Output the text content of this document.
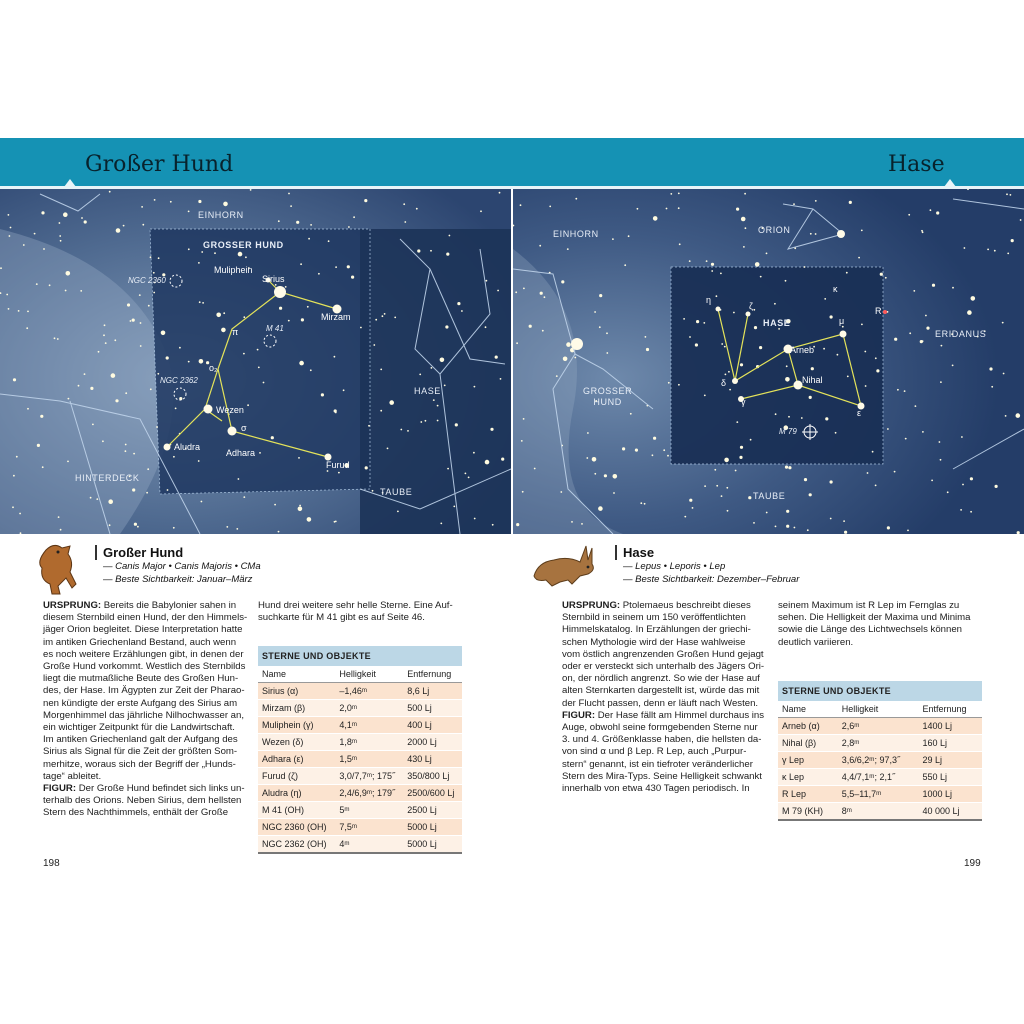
Großer Hund	Hase
EINHORN
GROSSER HUND
HASE
HINTERDECK
TAUBE
Sirius
Muliphein
Mirzam
Wezen
Aludra
Adhara
Furud
π
ο₂
σ
NGC 2360
M 41
NGC 2362
EINHORN	ORION
HASE
ERIDANUS
GROSSER
HUND
TAUBE
Arneb
Nihal
η
ζ
μ
κ
δ
γ
ε
R
M 79
Großer Hund
— Canis Major • Canis Majoris • CMa
— Beste Sichtbarkeit: Januar–März
URSPRUNG: Bereits die Babylonier sahen in diesem Sternbild einen Hund, der den Himmels-jäger Orion begleitet. Diese Interpretation hatte im antiken Griechenland Bestand, auch wenn es noch weitere Erzählungen gibt, in denen der Große Hund vorkommt. Westlich des Sternbilds liegt die mutmaßliche Beute des Großen Hun-des, der Hase. Im Ägypten zur Zeit der Pharao-nen kündigte der erste Aufgang des Sirius am Morgenhimmel das jährliche Nilhochwasser an, ein wichtiger Zeitpunkt für die Landwirtschaft. Im antiken Griechenland galt der Aufgang des Sirius als Signal für die Zeit der größten Som-merhitze, woraus sich der Begriff der „Hunds-tage“ ableitet.
FIGUR: Der Große Hund befindet sich links un-terhalb des Orions. Neben Sirius, dem hellsten Stern des Nachthimmels, enthält der Große
Hund drei weitere sehr helle Sterne. Eine Auf-suchkarte für M 41 gibt es auf Seite 46.
STERNE UND OBJEKTE		
Name	Helligkeit	Entfernung
Sirius (α)	–1,46ᵐ	8,6 Lj
Mirzam (β)	2,0ᵐ	500 Lj
Muliphein (γ)	4,1ᵐ	400 Lj
Wezen (δ)	1,8ᵐ	2000 Lj
Adhara (ε)	1,5ᵐ	430 Lj
Furud (ζ)	3,0/7,7ᵐ; 175˝	350/800 Lj
Aludra (η)	2,4/6,9ᵐ; 179˝	2500/600 Lj
M 41 (OH)	5ᵐ	2500 Lj
NGC 2360 (OH)	7,5ᵐ	5000 Lj
NGC 2362 (OH)	4ᵐ	5000 Lj
198
Hase
— Lepus • Leporis • Lep
— Beste Sichtbarkeit: Dezember–Februar
URSPRUNG: Ptolemaeus beschreibt dieses Sternbild in seinem um 150 veröffentlichten Himmelskatalog. In Erzählungen der griechi-schen Mythologie wird der Hase wahlweise vom östlich angrenzenden Großen Hund gejagt oder er versteckt sich unterhalb des Jägers Ori-on, der nördlich angrenzt. So wie der Hase auf alten Sternkarten dargestellt ist, würde das mit der Flucht passen, denn er läuft nach Westen.
FIGUR: Der Hase fällt am Himmel durchaus ins Auge, obwohl seine formgebenden Sterne nur 3. und 4. Größenklasse haben, die hellsten da-von sind α und β Lep. R Lep, auch „Purpur-stern“ genannt, ist ein tiefroter veränderlicher Stern des Mira-Typs. Seine Helligkeit schwankt innerhalb von etwa 430 Tagen periodisch. In
seinem Maximum ist R Lep im Fernglas zu sehen. Die Helligkeit der Maxima und Minima sowie die Länge des Lichtwechsels können deutlich variieren.
STERNE UND OBJEKTE		
Name	Helligkeit	Entfernung
Arneb (α)	2,6ᵐ	1400 Lj
Nihal (β)	2,8ᵐ	160 Lj
γ Lep	3,6/6,2ᵐ; 97,3˝	29 Lj
κ Lep	4,4/7,1ᵐ; 2,1˝	550 Lj
R Lep	5,5–11,7ᵐ	1000 Lj
M 79 (KH)	8ᵐ	40 000 Lj
199
